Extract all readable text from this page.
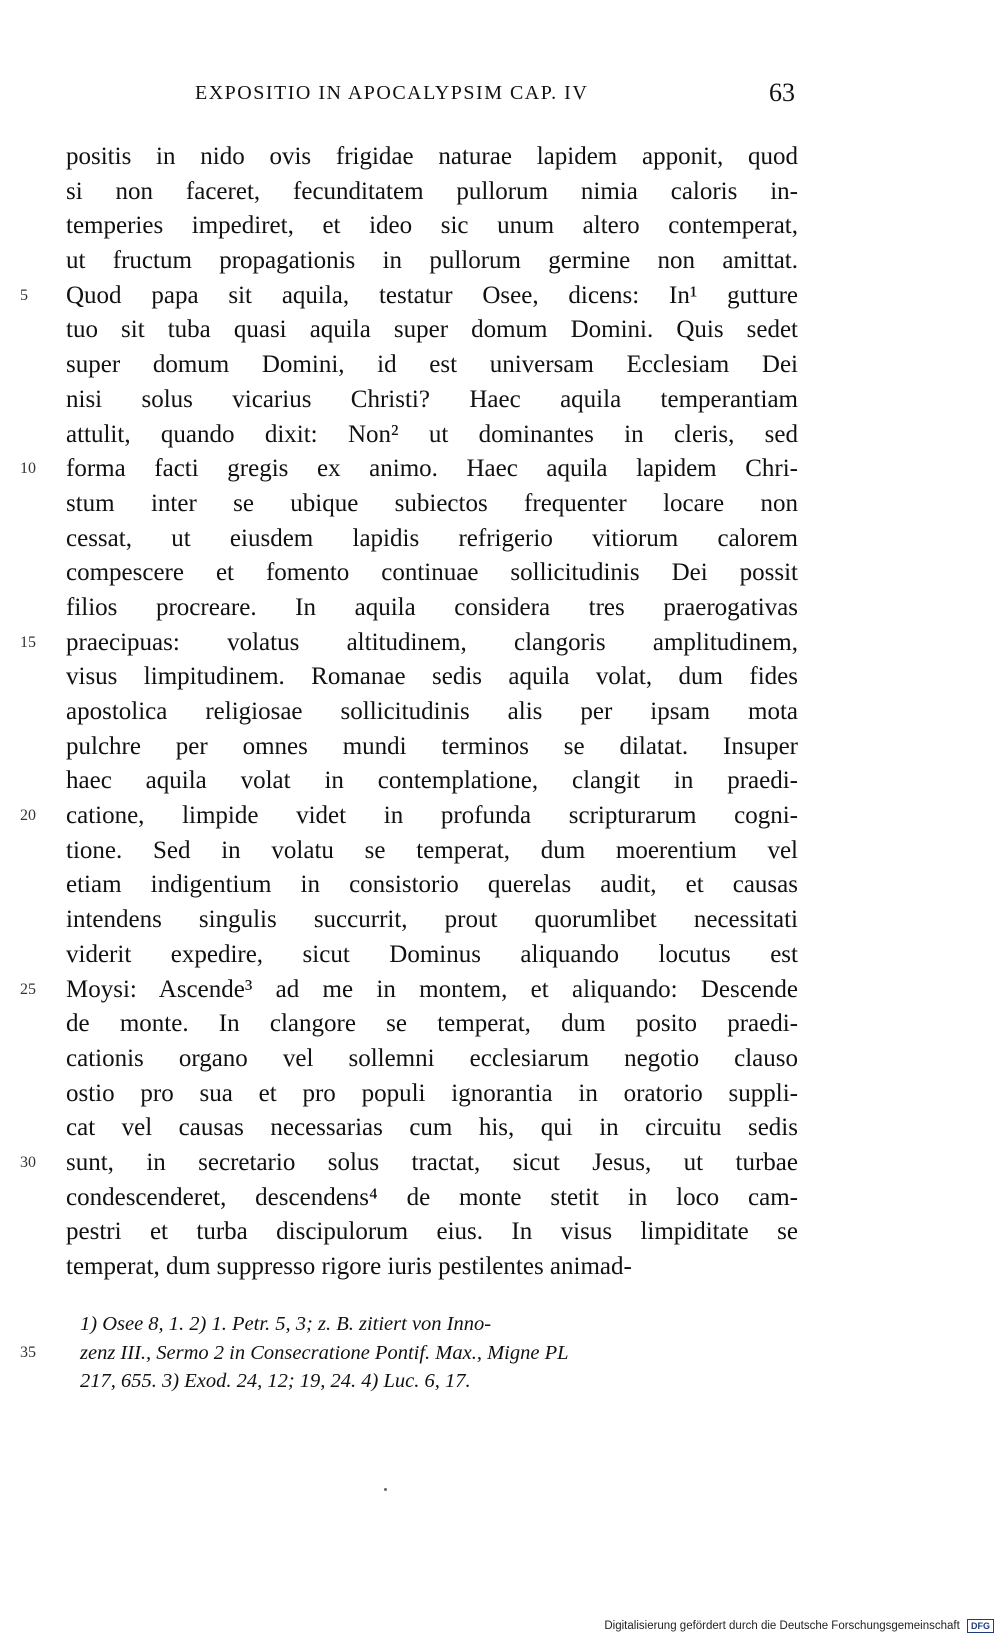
EXPOSITIO IN APOCALYPSIM CAP. IV	63
positis in nido ovis frigidae naturae lapidem apponit, quod
si non faceret, fecunditatem pullorum nimia caloris in-
temperies impediret, et ideo sic unum altero contemperat,
ut fructum propagationis in pullorum germine non amittat.
5	Quod papa sit aquila, testatur Osee, dicens: In¹ gutture
tuo sit tuba quasi aquila super domum Domini. Quis sedet
super domum Domini, id est universam Ecclesiam Dei
nisi solus vicarius Christi? Haec aquila temperantiam
attulit, quando dixit: Non² ut dominantes in cleris, sed
10	forma facti gregis ex animo. Haec aquila lapidem Chri-
stum inter se ubique subiectos frequenter locare non
cessat, ut eiusdem lapidis refrigerio vitiorum calorem
compescere et fomento continuae sollicitudinis Dei possit
filios procreare. In aquila considera tres praerogativas
15	praecipuas: volatus altitudinem, clangoris amplitudinem,
visus limpitudinem. Romanae sedis aquila volat, dum fides
apostolica religiosae sollicitudinis alis per ipsam mota
pulchre per omnes mundi terminos se dilatat. Insuper
haec aquila volat in contemplatione, clangit in praedi-
20	catione, limpide videt in profunda scripturarum cogni-
tione. Sed in volatu se temperat, dum moerentium vel
etiam indigentium in consistorio querelas audit, et causas
intendens singulis succurrit, prout quorumlibet necessitati
viderit expedire, sicut Dominus aliquando locutus est
25	Moysi: Ascende³ ad me in montem, et aliquando: Descende
de monte. In clangore se temperat, dum posito praedi-
cationis organo vel sollemni ecclesiarum negotio clauso
ostio pro sua et pro populi ignorantia in oratorio suppli-
cat vel causas necessarias cum his, qui in circuitu sedis
30	sunt, in secretario solus tractat, sicut Jesus, ut turbae
condescenderet, descendens⁴ de monte stetit in loco cam-
pestri et turba discipulorum eius. In visus limpiditate se
temperat, dum suppresso rigore iuris pestilentes animad-
1) Osee 8, 1. 2) 1. Petr. 5, 3; z. B. zitiert von Inno-
35 zenz III., Sermo 2 in Consecratione Pontif. Max., Migne PL
217, 655. 3) Exod. 24, 12; 19, 24. 4) Luc. 6, 17.
Digitalisierung gefördert durch die Deutsche Forschungsgemeinschaft DFG
